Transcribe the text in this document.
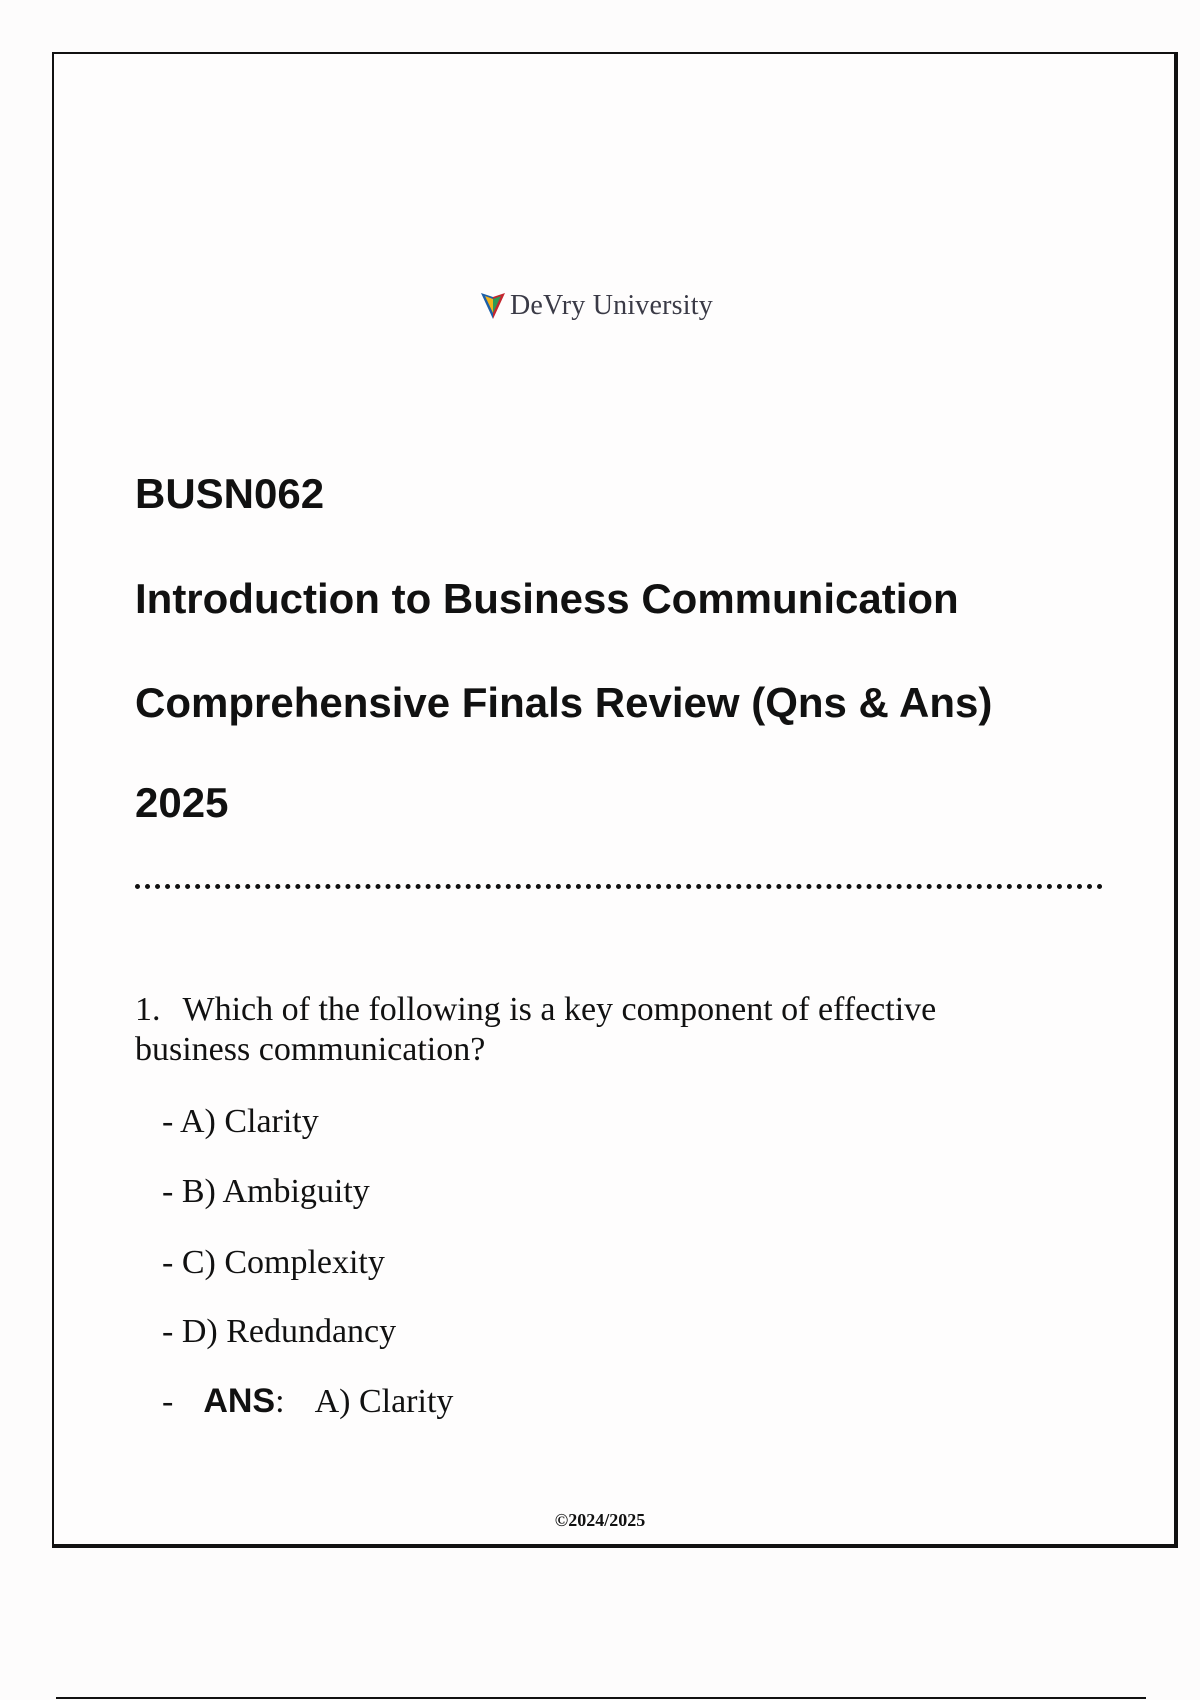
DeVry University
BUSN062
Introduction to Business Communication
Comprehensive Finals Review (Qns & Ans)
2025

1. Which of the following is a key component of effective business communication?

- A) Clarity

- B) Ambiguity

- C) Complexity

- D) Redundancy

- ANS: A) Clarity

©2024/2025
